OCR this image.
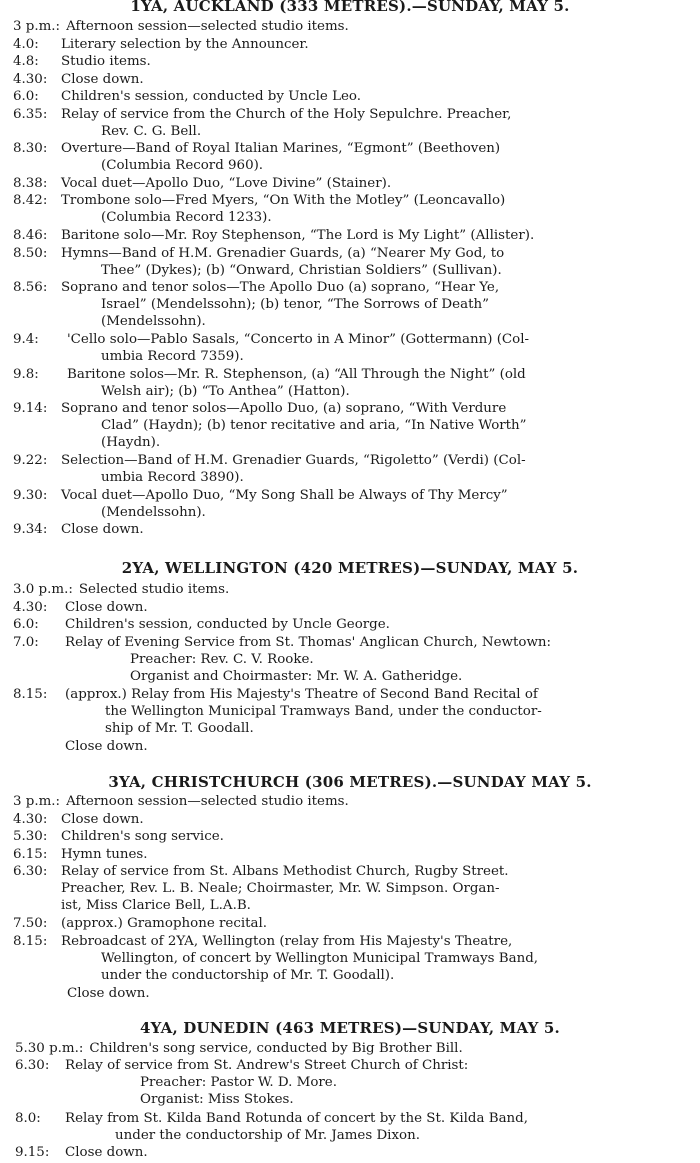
1YA, AUCKLAND (333 METRES).—SUNDAY, MAY 5.
3 p.m.: Afternoon session—selected studio items.
4.0:	Literary selection by the Announcer.
4.8:	Studio items.
4.30:	Close down.
6.0:	Children's session, conducted by Uncle Leo.
6.35:	Relay of service from the Church of the Holy Sepulchre. Preacher,
Rev. C. G. Bell.
8.30:	Overture—Band of Royal Italian Marines, “Egmont” (Beethoven)
(Columbia Record 960).
8.38:	Vocal duet—Apollo Duo, “Love Divine” (Stainer).
8.42:	Trombone solo—Fred Myers, “On With the Motley” (Leoncavallo)
(Columbia Record 1233).
8.46:	Baritone solo—Mr. Roy Stephenson, “The Lord is My Light” (Allister).
8.50:	Hymns—Band of H.M. Grenadier Guards, (a) “Nearer My God, to
Thee” (Dykes); (b) “Onward, Christian Soldiers” (Sullivan).
8.56:	Soprano and tenor solos—The Apollo Duo (a) soprano, “Hear Ye,
Israel” (Mendelssohn); (b) tenor, “The Sorrows of Death”
(Mendelssohn).
9.4:	'Cello solo—Pablo Sasals, “Concerto in A Minor” (Gottermann) (Col-
umbia Record 7359).
9.8:	Baritone solos—Mr. R. Stephenson, (a) “All Through the Night” (old
Welsh air); (b) “To Anthea” (Hatton).
9.14:	Soprano and tenor solos—Apollo Duo, (a) soprano, “With Verdure
Clad” (Haydn); (b) tenor recitative and aria, “In Native Worth”
(Haydn).
9.22:	Selection—Band of H.M. Grenadier Guards, “Rigoletto” (Verdi) (Col-
umbia Record 3890).
9.30:	Vocal duet—Apollo Duo, “My Song Shall be Always of Thy Mercy”
(Mendelssohn).
9.34:	Close down.
2YA, WELLINGTON (420 METRES)—SUNDAY, MAY 5.
3.0 p.m.: Selected studio items.
4.30:	Close down.
6.0:	Children's session, conducted by Uncle George.
7.0:	Relay of Evening Service from St. Thomas' Anglican Church, Newtown:
Preacher: Rev. C. V. Rooke.
Organist and Choirmaster: Mr. W. A. Gatheridge.
8.15:	(approx.) Relay from His Majesty's Theatre of Second Band Recital of
the Wellington Municipal Tramways Band, under the conductor-
ship of Mr. T. Goodall.
Close down.
3YA, CHRISTCHURCH (306 METRES).—SUNDAY MAY 5.
3 p.m.: Afternoon session—selected studio items.
4.30:	Close down.
5.30:	Children's song service.
6.15:	Hymn tunes.
6.30:	Relay of service from St. Albans Methodist Church, Rugby Street.
Preacher, Rev. L. B. Neale; Choirmaster, Mr. W. Simpson. Organ-
ist, Miss Clarice Bell, L.A.B.
7.50:	(approx.) Gramophone recital.
8.15:	Rebroadcast of 2YA, Wellington (relay from His Majesty's Theatre,
Wellington, of concert by Wellington Municipal Tramways Band,
under the conductorship of Mr. T. Goodall).
Close down.
4YA, DUNEDIN (463 METRES)—SUNDAY, MAY 5.
5.30 p.m.: Children's song service, conducted by Big Brother Bill.
6.30:	Relay of service from St. Andrew's Street Church of Christ:
Preacher: Pastor W. D. More.
Organist: Miss Stokes.
8.0:	Relay from St. Kilda Band Rotunda of concert by the St. Kilda Band,
under the conductorship of Mr. James Dixon.
9.15:	Close down.
